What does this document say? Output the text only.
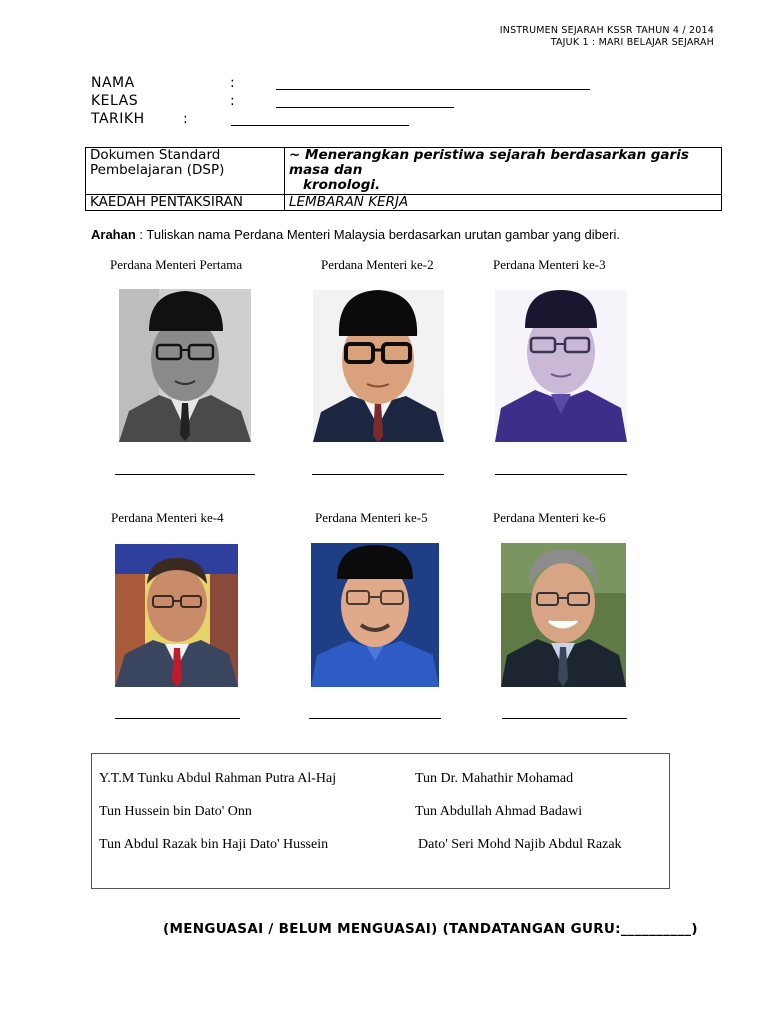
INSTRUMEN SEJARAH KSSR TAHUN 4 / 2014
TAJUK 1 : MARI BELAJAR SEJARAH
NAMA	:
KELAS	:
TARIKH	:
Dokumen Standard Pembelajaran (DSP)	~ Menerangkan peristiwa sejarah berdasarkan garis masa dan
kronologi.
KAEDAH PENTAKSIRAN	LEMBARAN KERJA
Arahan : Tuliskan nama Perdana Menteri Malaysia berdasarkan urutan gambar yang diberi.
Perdana Menteri Pertama	Perdana Menteri ke-2	Perdana Menteri ke-3
Perdana Menteri ke-4	Perdana Menteri ke-5	Perdana Menteri ke-6
Y.T.M Tunku Abdul Rahman Putra Al-Haj	Tun Dr. Mahathir Mohamad
Tun Hussein bin Dato' Onn	Tun Abdullah Ahmad Badawi
Tun Abdul Razak bin Haji Dato' Hussein	Dato' Seri Mohd Najib Abdul Razak
(MENGUASAI / BELUM MENGUASAI) (TANDATANGAN GURU:__________)
